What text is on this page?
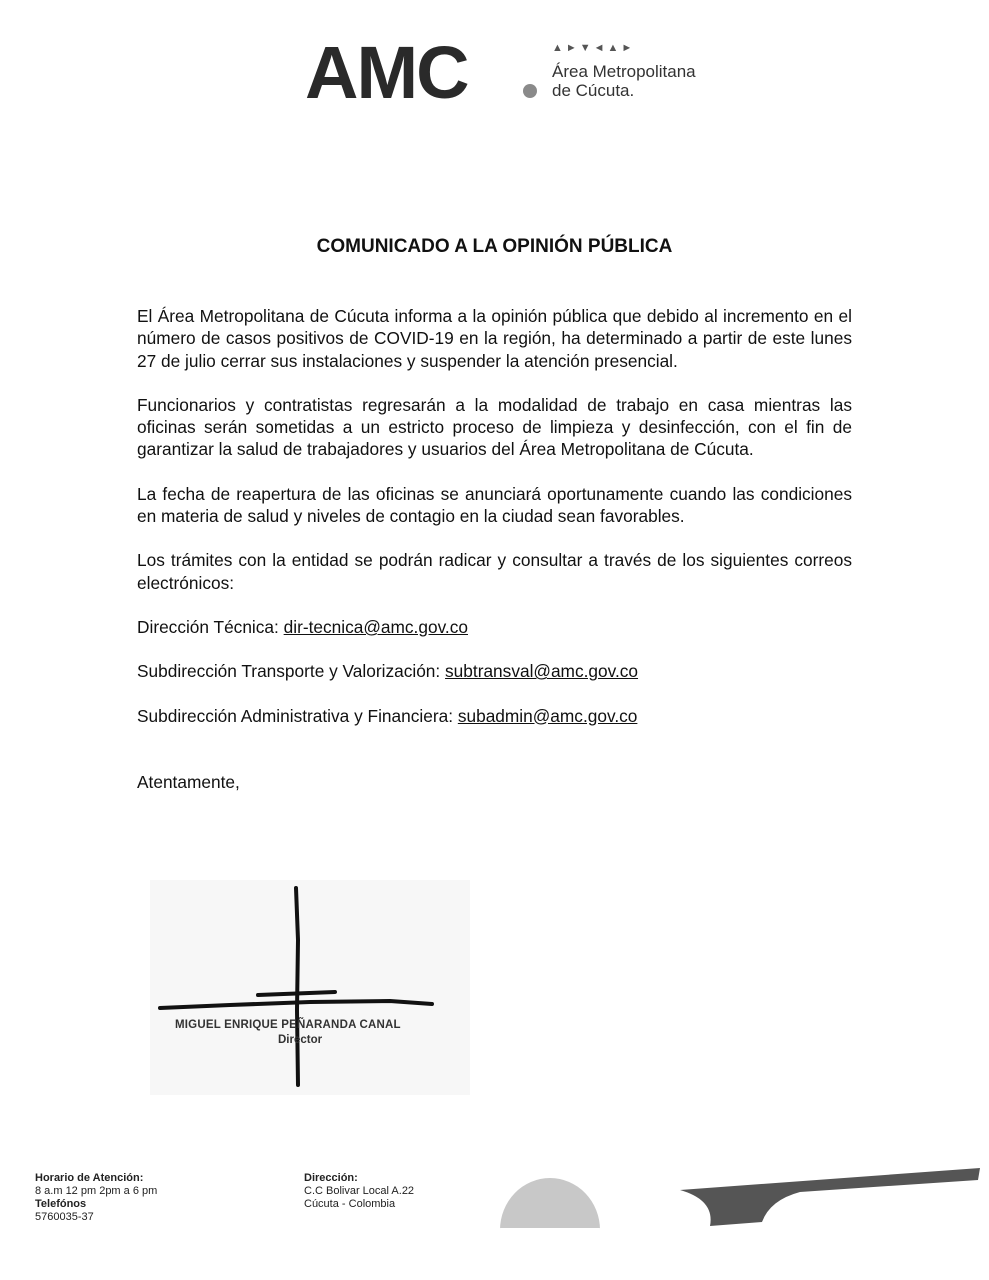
AMC	▲►▼◄▲►
Área Metropolitana
de Cúcuta.
COMUNICADO A LA OPINIÓN PÚBLICA

El Área Metropolitana de Cúcuta informa a la opinión pública que debido al incremento en el número de casos positivos de COVID-19 en la región, ha determinado a partir de este lunes 27 de julio cerrar sus instalaciones y suspender la atención presencial.

Funcionarios y contratistas regresarán a la modalidad de trabajo en casa mientras las oficinas serán sometidas a un estricto proceso de limpieza y desinfección, con el fin de garantizar la salud de trabajadores y usuarios del Área Metropolitana de Cúcuta.

La fecha de reapertura de las oficinas se anunciará oportunamente cuando las condiciones en materia de salud y niveles de contagio en la ciudad sean favorables.

Los trámites con la entidad se podrán radicar y consultar a través de los siguientes correos electrónicos:

Dirección Técnica: dir-tecnica@amc.gov.co

Subdirección Transporte y Valorización: subtransval@amc.gov.co

Subdirección Administrativa y Financiera: subadmin@amc.gov.co

Atentamente,

MIGUEL ENRIQUE PEÑARANDA CANAL
Director
Horario de Atención:
8 a.m 12 pm 2pm a 6 pm
Telefónos
5760035-37
Dirección:
C.C Bolivar Local A.22
Cúcuta - Colombia
